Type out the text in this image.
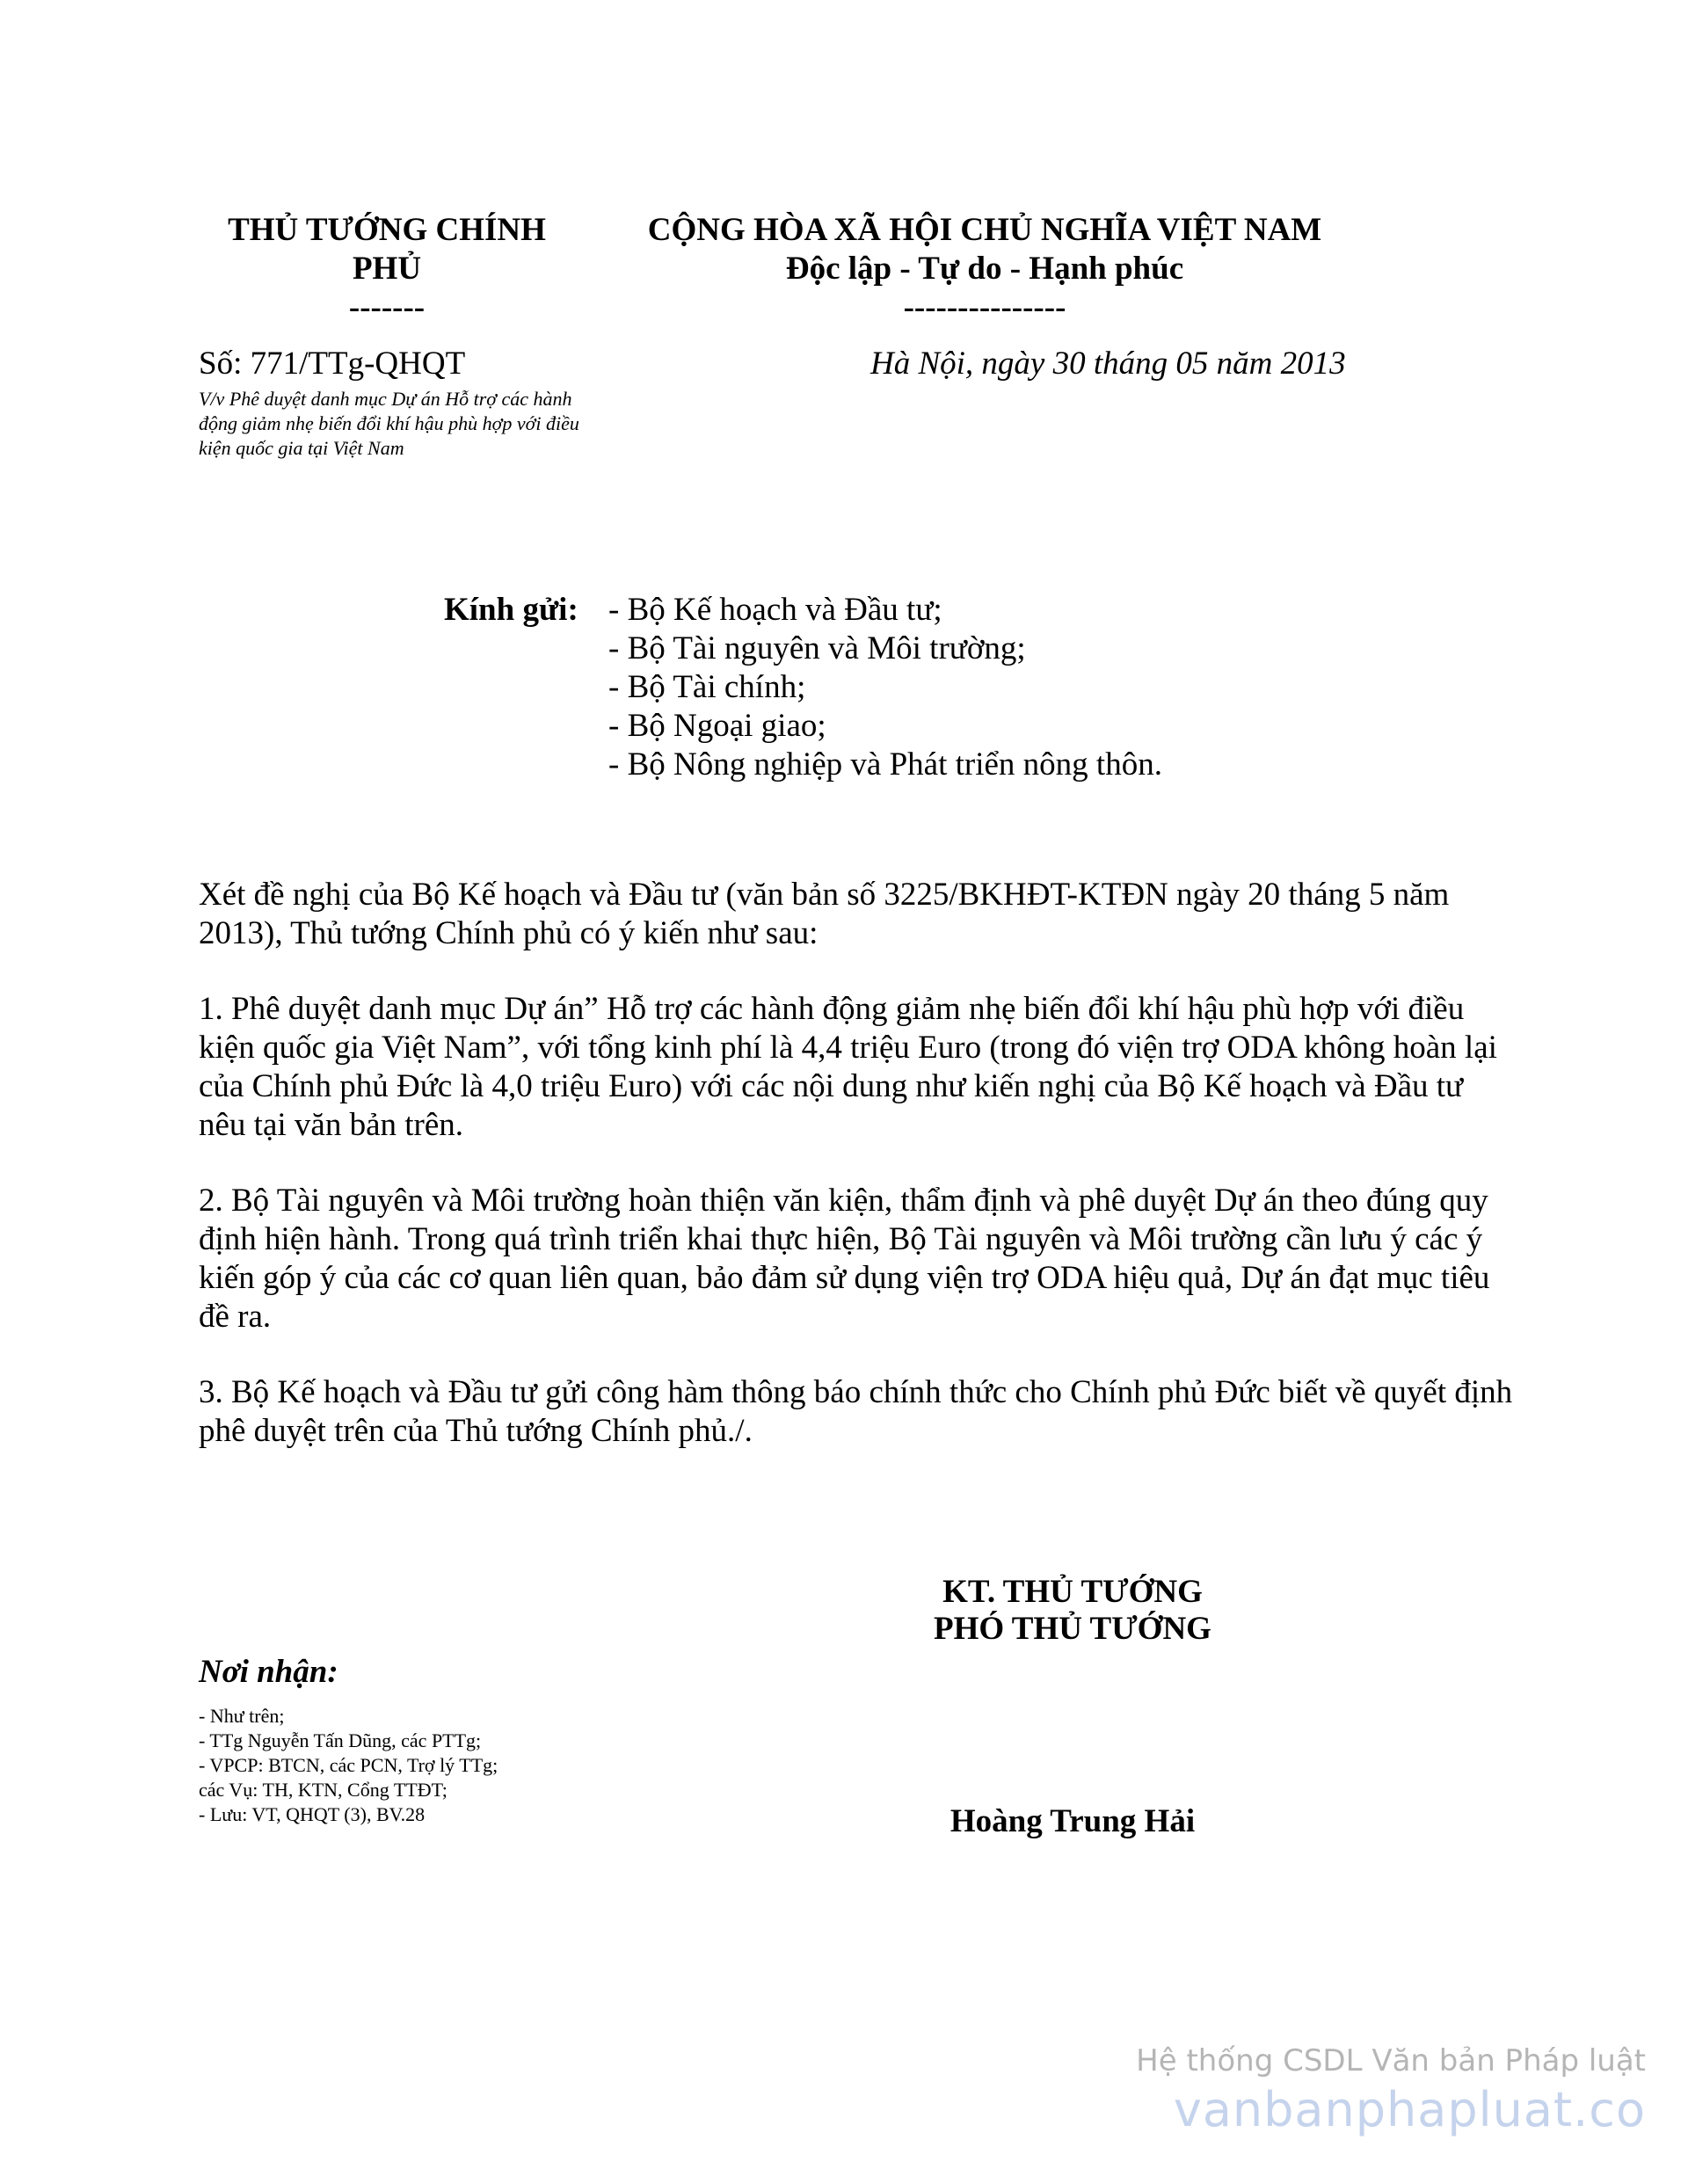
THỦ TƯỚNG CHÍNH
PHỦ
-------
CỘNG HÒA XÃ HỘI CHỦ NGHĨA VIỆT NAM
Độc lập - Tự do - Hạnh phúc
---------------
Số: 771/TTg-QHQT	Hà Nội, ngày 30 tháng 05 năm 2013
V/v Phê duyệt danh mục Dự án Hỗ trợ các hành động giảm nhẹ biến đổi khí hậu phù hợp với điều kiện quốc gia tại Việt Nam
Kính gửi: - Bộ Kế hoạch và Đầu tư;
- Bộ Tài nguyên và Môi trường;
- Bộ Tài chính;
- Bộ Ngoại giao;
- Bộ Nông nghiệp và Phát triển nông thôn.

Xét đề nghị của Bộ Kế hoạch và Đầu tư (văn bản số 3225/BKHĐT-KTĐN ngày 20 tháng 5 năm 2013), Thủ tướng Chính phủ có ý kiến như sau:

1. Phê duyệt danh mục Dự án” Hỗ trợ các hành động giảm nhẹ biến đổi khí hậu phù hợp với điều kiện quốc gia Việt Nam”, với tổng kinh phí là 4,4 triệu Euro (trong đó viện trợ ODA không hoàn lại của Chính phủ Đức là 4,0 triệu Euro) với các nội dung như kiến nghị của Bộ Kế hoạch và Đầu tư nêu tại văn bản trên.

2. Bộ Tài nguyên và Môi trường hoàn thiện văn kiện, thẩm định và phê duyệt Dự án theo đúng quy định hiện hành. Trong quá trình triển khai thực hiện, Bộ Tài nguyên và Môi trường cần lưu ý các ý kiến góp ý của các cơ quan liên quan, bảo đảm sử dụng viện trợ ODA hiệu quả, Dự án đạt mục tiêu đề ra.

3. Bộ Kế hoạch và Đầu tư gửi công hàm thông báo chính thức cho Chính phủ Đức biết về quyết định phê duyệt trên của Thủ tướng Chính phủ./.

KT. THỦ TƯỚNG
PHÓ THỦ TƯỚNG
Hoàng Trung Hải
Nơi nhận:
- Như trên;
- TTg Nguyễn Tấn Dũng, các PTTg;
- VPCP: BTCN, các PCN, Trợ lý TTg;
các Vụ: TH, KTN, Cổng TTĐT;
- Lưu: VT, QHQT (3), BV.28
Hệ thống CSDL Văn bản Pháp luật
vanbanphapluat.co
